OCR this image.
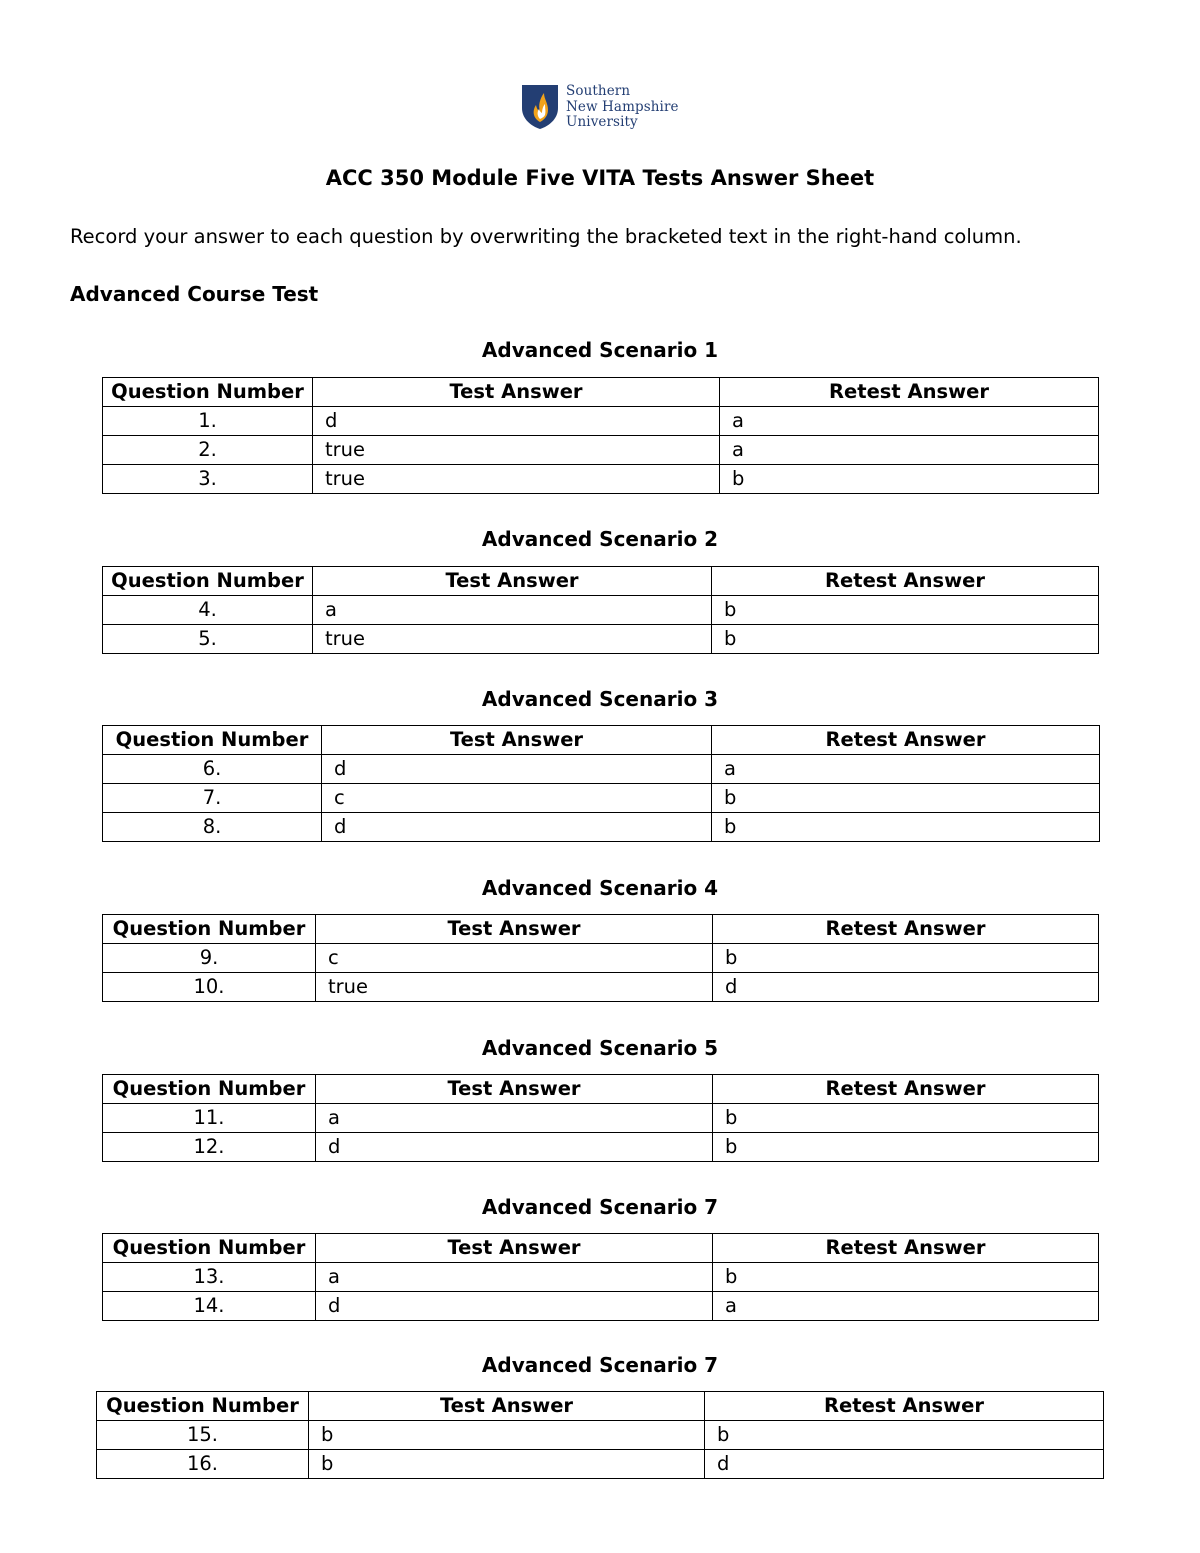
Southern
New Hampshire
University
ACC 350 Module Five VITA Tests Answer Sheet
Record your answer to each question by overwriting the bracketed text in the right-hand column.
Advanced Course Test
Advanced Scenario 1
Question Number	Test Answer	Retest Answer
1.	d	a
2.	true	a
3.	true	b
Advanced Scenario 2
Question Number	Test Answer	Retest Answer
4.	a	b
5.	true	b
Advanced Scenario 3
Question Number	Test Answer	Retest Answer
6.	d	a
7.	c	b
8.	d	b
Advanced Scenario 4
Question Number	Test Answer	Retest Answer
9.	c	b
10.	true	d
Advanced Scenario 5
Question Number	Test Answer	Retest Answer
11.	a	b
12.	d	b
Advanced Scenario 7
Question Number	Test Answer	Retest Answer
13.	a	b
14.	d	a
Advanced Scenario 7
Question Number	Test Answer	Retest Answer
15.	b	b
16.	b	d
